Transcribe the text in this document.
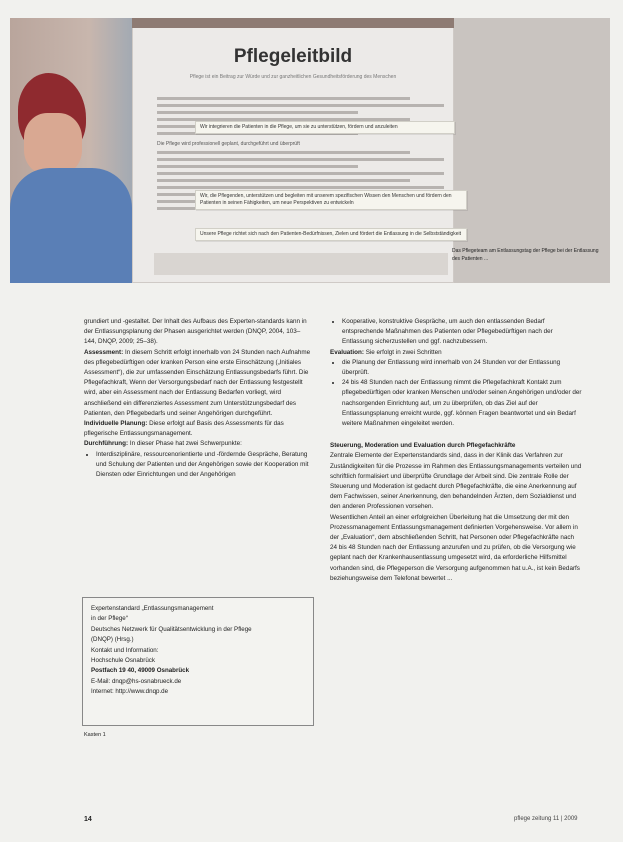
Pflegeleitbild
Pflege ist ein Beitrag zur Würde und zur ganzheitlichen Gesundheitsförderung des Menschen
Die Pflege wird professionell geplant, durchgeführt und überprüft
Wir integrieren die Patienten in die Pflege, um sie zu unterstützen, fördern und anzuleiten
Wir, die Pflegenden, unterstützen und begleiten mit unserem spezifischen Wissen den Menschen und fördern den Patienten in seinen Fähigkeiten, um neue Perspektiven zu entwickeln
Unsere Pflege richtet sich nach den Patienten-Bedürfnissen, Zielen und fördert die Entlassung in die Selbstständigkeit
Das Pflegeteam am Entlassungstag der Pflege bei der Entlassung des Patienten ...

grundiert und -gestaltet. Der Inhalt des Aufbaus des Experten-standards kann in der Entlassungsplanung der Phasen ausgerichtet werden (DNQP, 2004, 103–144, DNQP, 2009; 25–38).

Assessment: In diesem Schritt erfolgt innerhalb von 24 Stunden nach Aufnahme des pflegebedürftigen oder kranken Person eine erste Einschätzung („Initiales Assessment“), die zur umfassenden Einschätzung Entlassungsbedarfs führt. Die Pflegefachkraft, Wenn der Versorgungsbedarf nach der Entlassung festgestellt wird, aber ein Assessment nach der Entlassung Bedarfen vorliegt, wird anschließend ein differenziertes Assessment zum Unterstützungsbedarf des Patienten, den Pflegebedarfs und seiner Angehörigen durchgeführt.

Individuelle Planung: Diese erfolgt auf Basis des Assessments für das pflegerische Entlassungsmanagement.

Durchführung: In dieser Phase hat zwei Schwerpunkte:

• Interdisziplinäre, ressourcenorientierte und -fördernde Gespräche, Beratung und Schulung der Patienten und der Angehörigen sowie der Kooperation mit Diensten oder Einrichtungen und der Angehörigen
• Kooperative, konstruktive Gespräche, um auch den entlassenden Bedarf entsprechende Maßnahmen des Patienten oder Pflegebedürftigen nach der Entlassung sicherzustellen und ggf. nachzubessern.

Evaluation: Sie erfolgt in zwei Schritten

• die Planung der Entlassung wird innerhalb von 24 Stunden vor der Entlassung überprüft.
• 24 bis 48 Stunden nach der Entlassung nimmt die Pflegefachkraft Kontakt zum pflegebedürftigen oder kranken Menschen und/oder seinen Angehörigen und/oder der nachsorgenden Einrichtung auf, um zu überprüfen, ob das Ziel auf der Entlassungsplanung erreicht wurde, ggf. können Fragen beantwortet und ein Bedarf weitere Maßnahmen eingeleitet werden.
Steuerung, Moderation und Evaluation durch Pflegefachkräfte

Zentrale Elemente der Expertenstandards sind, dass in der Klinik das Verfahren zur Zuständigkeiten für die Prozesse im Rahmen des Entlassungsmanagements verteilen und schriftlich formalisiert und überprüfte Grundlage der Arbeit sind. Die zentrale Rolle der Steuerung und Moderation ist gedacht durch Pflegefachkräfte, die eine Anerkennung auf dem Fachwissen, seiner Anerkennung, den behandelnden Ärzten, dem Sozialdienst und den anderen Professionen vorsehen.

Wesentlichen Anteil an einer erfolgreichen Überleitung hat die Umsetzung der mit den Prozessmanagement Entlassungsmanagement definierten Vorgehensweise. Vor allem in der „Evaluation“, dem abschließenden Schritt, hat Personen oder Pflegefachkräfte nach 24 bis 48 Stunden nach der Entlassung anzurufen und zu prüfen, ob die Versorgung wie geplant nach der Krankenhausentlassung umgesetzt wird, da erforderliche Hilfsmittel vorhanden sind, die Pflegeperson die Versorgung aufgenommen hat u.A., ist kein Bedarfs beziehungsweise dem Telefonat bewertet ...

Expertenstandard „Entlassungsmanagement
in der Pflege“
Deutsches Netzwerk für Qualitätsentwicklung in der Pflege
(DNQP) (Hrsg.)
Kontakt und Information:
Hochschule Osnabrück
Postfach 19 40, 49009 Osnabrück
E-Mail: dnqp@hs-osnabrueck.de
Internet: http://www.dnqp.de
Kasten 1
14	pflege zeitung 11 | 2009
